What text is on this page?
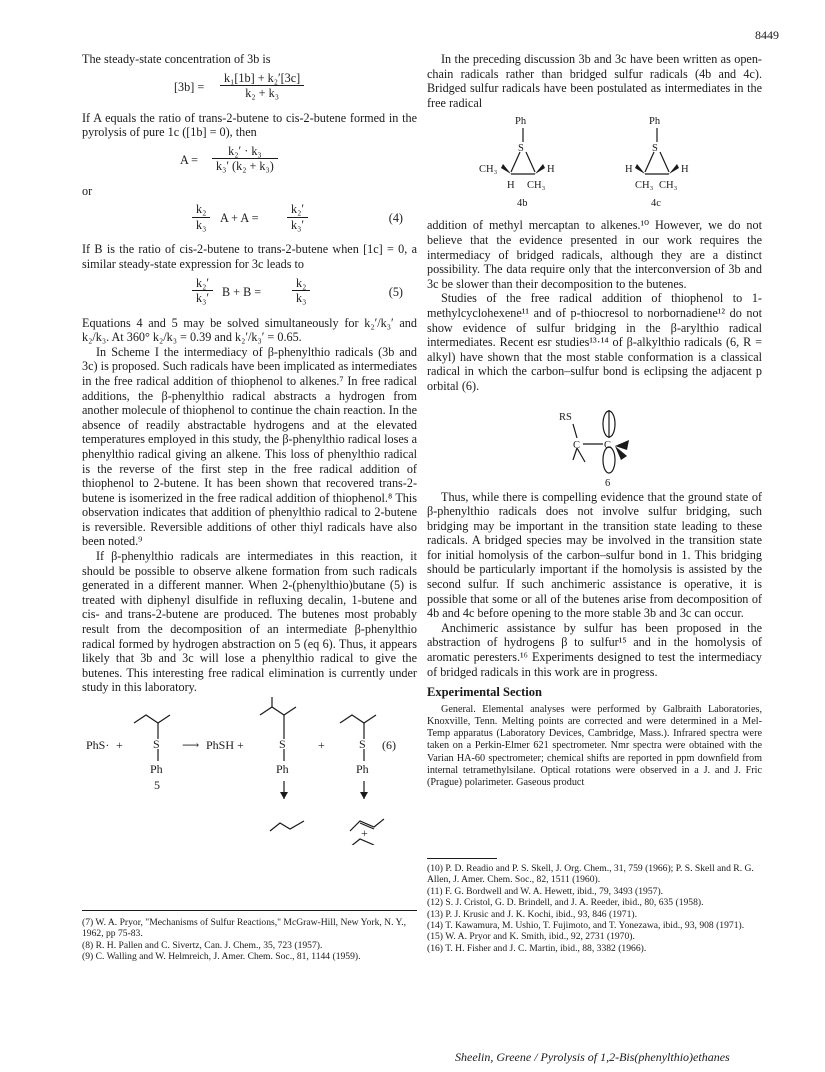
8449

The steady-state concentration of 3b is

$[3b] = \frac{\text{k₁[1b] + k₂′[3c]}}{\text{k₂ + k₃}}$

If A equals the ratio of trans-2-butene to cis-2-butene formed in the pyrolysis of pure 1c ([1b] = 0), then

$A = \frac{\text{k₂′ · k₃}}{\text{k₃′ (k₂ + k₃)}}$

or

$\frac{\text{k₂}}{\text{k₃}}$ $A + A = \frac{\text{k₂′}}{\text{k₃′}}$	(4)

If B is the ratio of cis-2-butene to trans-2-butene when [1c] = 0, a similar steady-state expression for 3c leads to

$\frac{\text{k₂′}}{\text{k₃′}}$ B + B =	$\frac{\text{k₂}}{\text{k₃}}$	(5)

Equations 4 and 5 may be solved simultaneously for k₂′/k₃′ and k₂/k₃. At 360° k₂/k₃ = 0.39 and k₂′/k₃′ = 0.65.

In Scheme I the intermediacy of β-phenylthio radicals (3b and 3c) is proposed. Such radicals have been implicated as intermediates in the free radical addition of thiophenol to alkenes.⁷ In free radical additions, the β-phenylthio radical abstracts a hydrogen from another molecule of thiophenol to continue the chain reaction. In the absence of readily abstractable hydrogens and at the elevated temperatures employed in this study, the β-phenylthio radical loses a phenylthio radical giving an alkene. This loss of phenylthio radical is the reverse of the first step in the free radical addition of thiophenol to 2-butene. It has been shown that recovered trans-2-butene is isomerized in the free radical addition of thiophenol.⁸ This observation indicates that addition of phenylthio radical to 2-butene is reversible. Reversible additions of other thiyl radicals have also been noted.⁹

If β-phenylthio radicals are intermediates in this reaction, it should be possible to observe alkene formation from such radicals generated in a different manner. When 2-(phenylthio)butane (5) is treated with diphenyl disulfide in refluxing decalin, 1-butene and cis- and trans-2-butene are produced. The butenes most probably result from the decomposition of an intermediate β-phenylthio radical formed by hydrogen abstraction on 5 (eq 6). Thus, it appears likely that 3b and 3c will lose a phenylthio radical to give the butenes. This interesting free radical elimination is currently under study in this laboratory.

PhS· +	S
Ph
5
⟶ PhSH +	S
Ph
+	S
Ph
(6)
+

(7) W. A. Pryor, "Mechanisms of Sulfur Reactions," McGraw-Hill, New York, N. Y., 1962, pp 75-83.

(8) R. H. Pallen and C. Sivertz, Can. J. Chem., 35, 723 (1957).

(9) C. Walling and W. Helmreich, J. Amer. Chem. Soc., 81, 1144 (1959).

In the preceding discussion 3b and 3c have been written as open-chain radicals rather than bridged sulfur radicals (4b and 4c). Bridged sulfur radicals have been postulated as intermediates in the free radical

Ph
S
CH₃	H
H CH₃
4b
Ph
S
H	H
CH₃ CH₃
4c

addition of methyl mercaptan to alkenes.¹⁰ However, we do not believe that the evidence presented in our work requires the intermediacy of bridged radicals, although they are a distinct possibility. The data require only that the interconversion of 3b and 3c be slower than their decomposition to the butenes.

Studies of the free radical addition of thiophenol to 1-methylcyclohexene¹¹ and of p-thiocresol to norbornadiene¹² do not show evidence of sulfur bridging in the β-arylthio radical intermediates. Recent esr studies¹³·¹⁴ of β-alkylthio radicals (6, R = alkyl) have shown that the most stable conformation is a classical radical in which the carbon–sulfur bond is eclipsing the adjacent p orbital (6).

RS
C C
6

Thus, while there is compelling evidence that the ground state of β-phenylthio radicals does not involve sulfur bridging, such bridging may be important in the transition state leading to these radicals. A bridged species may be involved in the transition state for initial homolysis of the carbon–sulfur bond in 1. This bridging should be particularly important if the homolysis is assisted by the second sulfur. If such anchimeric assistance is operative, it is possible that some or all of the butenes arise from decomposition of 4b and 4c before opening to the more stable 3b and 3c can occur.

Anchimeric assistance by sulfur has been proposed in the abstraction of hydrogens β to sulfur¹⁵ and in the homolysis of aromatic peresters.¹⁶ Experiments designed to test the intermediacy of bridged radicals in this work are in progress.

Experimental Section

General. Elemental analyses were performed by Galbraith Laboratories, Knoxville, Tenn. Melting points are corrected and were determined in a Mel-Temp apparatus (Laboratory Devices, Cambridge, Mass.). Infrared spectra were taken on a Perkin-Elmer 621 spectrometer. Nmr spectra were obtained with the Varian HA-60 spectrometer; chemical shifts are reported in ppm downfield from internal tetramethylsilane. Optical rotations were observed in a J. and J. Fric (Prague) polarimeter. Gaseous product

(10) P. D. Readio and P. S. Skell, J. Org. Chem., 31, 759 (1966); P. S. Skell and R. G. Allen, J. Amer. Chem. Soc., 82, 1511 (1960).

(11) F. G. Bordwell and W. A. Hewett, ibid., 79, 3493 (1957).

(12) S. J. Cristol, G. D. Brindell, and J. A. Reeder, ibid., 80, 635 (1958).

(13) P. J. Krusic and J. K. Kochi, ibid., 93, 846 (1971).

(14) T. Kawamura, M. Ushio, T. Fujimoto, and T. Yonezawa, ibid., 93, 908 (1971).

(15) W. A. Pryor and K. Smith, ibid., 92, 2731 (1970).

(16) T. H. Fisher and J. C. Martin, ibid., 88, 3382 (1966).

Sheelin, Greene / Pyrolysis of 1,2-Bis(phenylthio)ethanes
